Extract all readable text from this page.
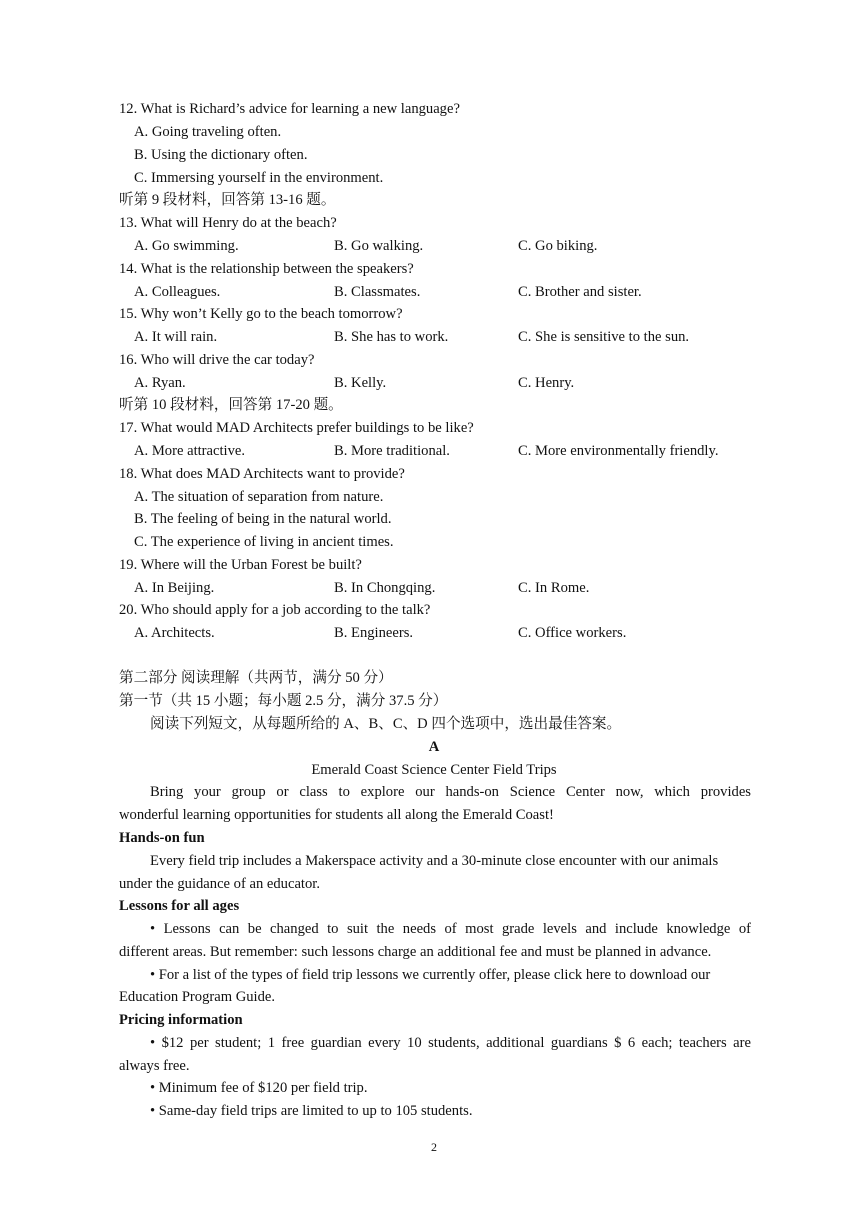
12. What is Richard’s advice for learning a new language?
A. Going traveling often.
B. Using the dictionary often.
C. Immersing yourself in the environment.
听第 9 段材料，回答第 13-16 题。
13. What will Henry do at the beach?
A. Go swimming.	B. Go walking.	C. Go biking.
14. What is the relationship between the speakers?
A. Colleagues.	B. Classmates.	C. Brother and sister.
15. Why won’t Kelly go to the beach tomorrow?
A. It will rain.	B. She has to work.	C. She is sensitive to the sun.
16. Who will drive the car today?
A. Ryan.	B. Kelly.	C. Henry.
听第 10 段材料，回答第 17-20 题。
17. What would MAD Architects prefer buildings to be like?
A. More attractive.	B. More traditional.	C. More environmentally friendly.
18. What does MAD Architects want to provide?
A. The situation of separation from nature.
B. The feeling of being in the natural world.
C. The experience of living in ancient times.
19. Where will the Urban Forest be built?
A. In Beijing.	B. In Chongqing.	C. In Rome.
20. Who should apply for a job according to the talk?
A. Architects.	B. Engineers.	C. Office workers.
第二部分 阅读理解（共两节，满分 50 分）
第一节（共 15 小题；每小题 2.5 分，满分 37.5 分）
阅读下列短文，从每题所给的 A、B、C、D 四个选项中，选出最佳答案。
A
Emerald Coast Science Center Field Trips
Bring your group or class to explore our hands-on Science Center now, which provides
wonderful learning opportunities for students all along the Emerald Coast!
Hands-on fun
Every field trip includes a Makerspace activity and a 30-minute close encounter with our animals
under the guidance of an educator.
Lessons for all ages
• Lessons can be changed to suit the needs of most grade levels and include knowledge of
different areas. But remember: such lessons charge an additional fee and must be planned in advance.
• For a list of the types of field trip lessons we currently offer, please click here to download our
Education Program Guide.
Pricing information
• $12 per student; 1 free guardian every 10 students, additional guardians $ 6 each; teachers are
always free.
• Minimum fee of $120 per field trip.
• Same-day field trips are limited to up to 105 students.
2
